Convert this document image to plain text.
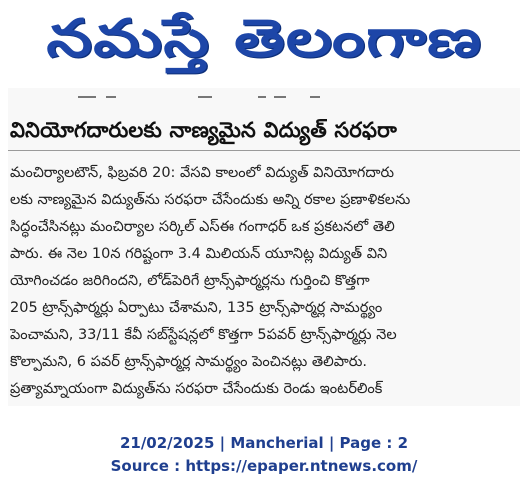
నమస్తే తెలంగాణ
వినియోగదారులకు నాణ్యమైన విద్యుత్ సరఫరా
మంచిర్యాలటౌన్, ఫిబ్రవరి 20: వేసవి కాలంలో విద్యుత్ వినియోగదారు
లకు నాణ్యమైన విద్యుత్‌ను సరఫరా చేసేందుకు అన్ని రకాల ప్రణాళికలను
సిద్ధంచేసినట్లు మంచిర్యాల సర్కిల్ ఎస్‌ఈ గంగాధర్ ఒక ప్రకటనలో తెలి
పారు. ఈ నెల 10న గరిష్టంగా 3.4 మిలియన్ యూనిట్ల విద్యుత్ విని
యోగించడం జరిగిందని, లోడ్‌పెరిగే ట్రాన్స్‌ఫార్మర్లను గుర్తించి కొత్తగా
205 ట్రాన్స్‌ఫార్మర్లు ఏర్పాటు చేశామని, 135 ట్రాన్స్‌ఫార్మర్ల సామర్థ్యం
పెంచామని, 33/11 కేవీ సబ్‌స్టేషన్లలో కొత్తగా 5పవర్ ట్రాన్స్‌ఫార్మర్లు నెల
కొల్పామని, 6 పవర్ ట్రాన్స్‌ఫార్మర్ల సామర్థ్యం పెంచినట్లు తెలిపారు.
ప్రత్యామ్నాయంగా విద్యుత్‌ను సరఫరా చేసేందుకు రెండు ఇంటర్‌లింక్
21/02/2025 | Mancherial | Page : 2
Source : https://epaper.ntnews.com/
